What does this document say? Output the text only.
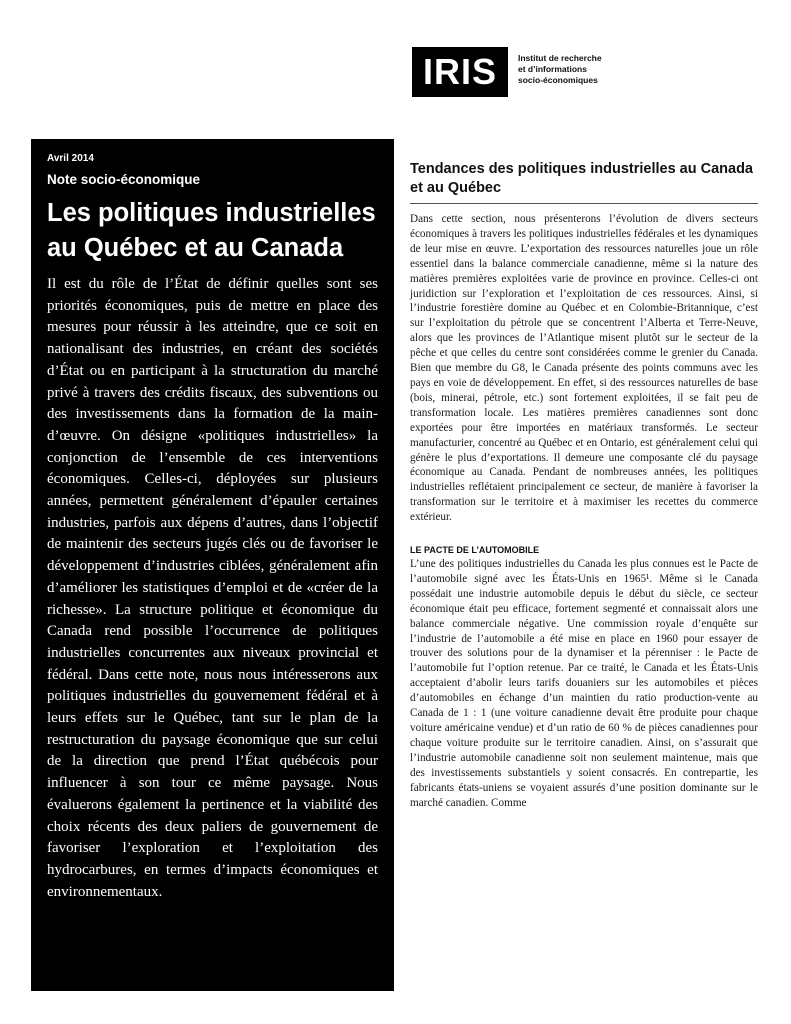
IRIS	Institut de recherche
et d’informations
socio-économiques
Avril 2014
Note socio-économique
Les politiques industrielles au Québec et au Canada

Il est du rôle de l’État de définir quelles sont ses priorités économiques, puis de mettre en place des mesures pour réussir à les atteindre, que ce soit en nationalisant des industries, en créant des sociétés d’État ou en participant à la structuration du marché privé à travers des crédits fiscaux, des subventions ou des investissements dans la formation de la main-d’œuvre. On désigne «politiques industrielles» la conjonction de l’ensemble de ces interventions économiques. Celles-ci, déployées sur plusieurs années, permettent généralement d’épauler certaines industries, parfois aux dépens d’autres, dans l’objectif de maintenir des secteurs jugés clés ou de favoriser le développement d’industries ciblées, généralement afin d’améliorer les statistiques d’emploi et de «créer de la richesse». La structure politique et économique du Canada rend possible l’occurrence de politiques industrielles concurrentes aux niveaux provincial et fédéral. Dans cette note, nous nous intéresserons aux politiques industrielles du gouvernement fédéral et à leurs effets sur le Québec, tant sur le plan de la restructuration du paysage économique que sur celui de la direction que prend l’État québécois pour influencer à son tour ce même paysage. Nous évaluerons également la pertinence et la viabilité des choix récents des deux paliers de gouvernement de favoriser l’exploration et l’exploitation des hydrocarbures, en termes d’impacts économiques et environnementaux.

Tendances des politiques industrielles au Canada et au Québec

Dans cette section, nous présenterons l’évolution de divers secteurs économiques à travers les politiques industrielles fédérales et les dynamiques de leur mise en œuvre. L’exportation des ressources naturelles joue un rôle essentiel dans la balance commerciale canadienne, même si la nature des matières premières exploitées varie de province en province. Celles-ci ont juridiction sur l’exploration et l’exploitation de ces ressources. Ainsi, si l’industrie forestière domine au Québec et en Colombie-Britannique, c’est sur l’exploitation du pétrole que se concentrent l’Alberta et Terre-Neuve, alors que les provinces de l’Atlantique misent plutôt sur le secteur de la pêche et que celles du centre sont considérées comme le grenier du Canada. Bien que membre du G8, le Canada présente des points communs avec les pays en voie de développement. En effet, si des ressources naturelles de base (bois, minerai, pétrole, etc.) sont fortement exploitées, il se fait peu de transformation locale. Les matières premières canadiennes sont donc exportées pour être importées en matériaux transformés. Le secteur manufacturier, concentré au Québec et en Ontario, est généralement celui qui génère le plus d’exportations. Il demeure une composante clé du paysage économique au Canada. Pendant de nombreuses années, les politiques industrielles reflétaient principalement ce secteur, de manière à favoriser la transformation sur le territoire et à maximiser les recettes du commerce extérieur.

LE PACTE DE L’AUTOMOBILE

L’une des politiques industrielles du Canada les plus connues est le Pacte de l’automobile signé avec les États-Unis en 1965¹. Même si le Canada possédait une industrie automobile depuis le début du siècle, ce secteur économique était peu efficace, fortement segmenté et connaissait alors une balance commerciale négative. Une commission royale d’enquête sur l’industrie de l’automobile a été mise en place en 1960 pour essayer de trouver des solutions pour de la dynamiser et la pérenniser : le Pacte de l’automobile fut l’option retenue. Par ce traité, le Canada et les États-Unis acceptaient d’abolir leurs tarifs douaniers sur les automobiles et pièces d’automobiles en échange d’un maintien du ratio production-vente au Canada de 1 : 1 (une voiture canadienne devait être produite pour chaque voiture américaine vendue) et d’un ratio de 60 % de pièces canadiennes pour chaque voiture produite sur le territoire canadien. Ainsi, on s’assurait que l’industrie automobile canadienne soit non seulement maintenue, mais que des investissements substantiels y soient consacrés. En contrepartie, les fabricants états-uniens se voyaient assurés d’une position dominante sur le marché canadien. Comme
